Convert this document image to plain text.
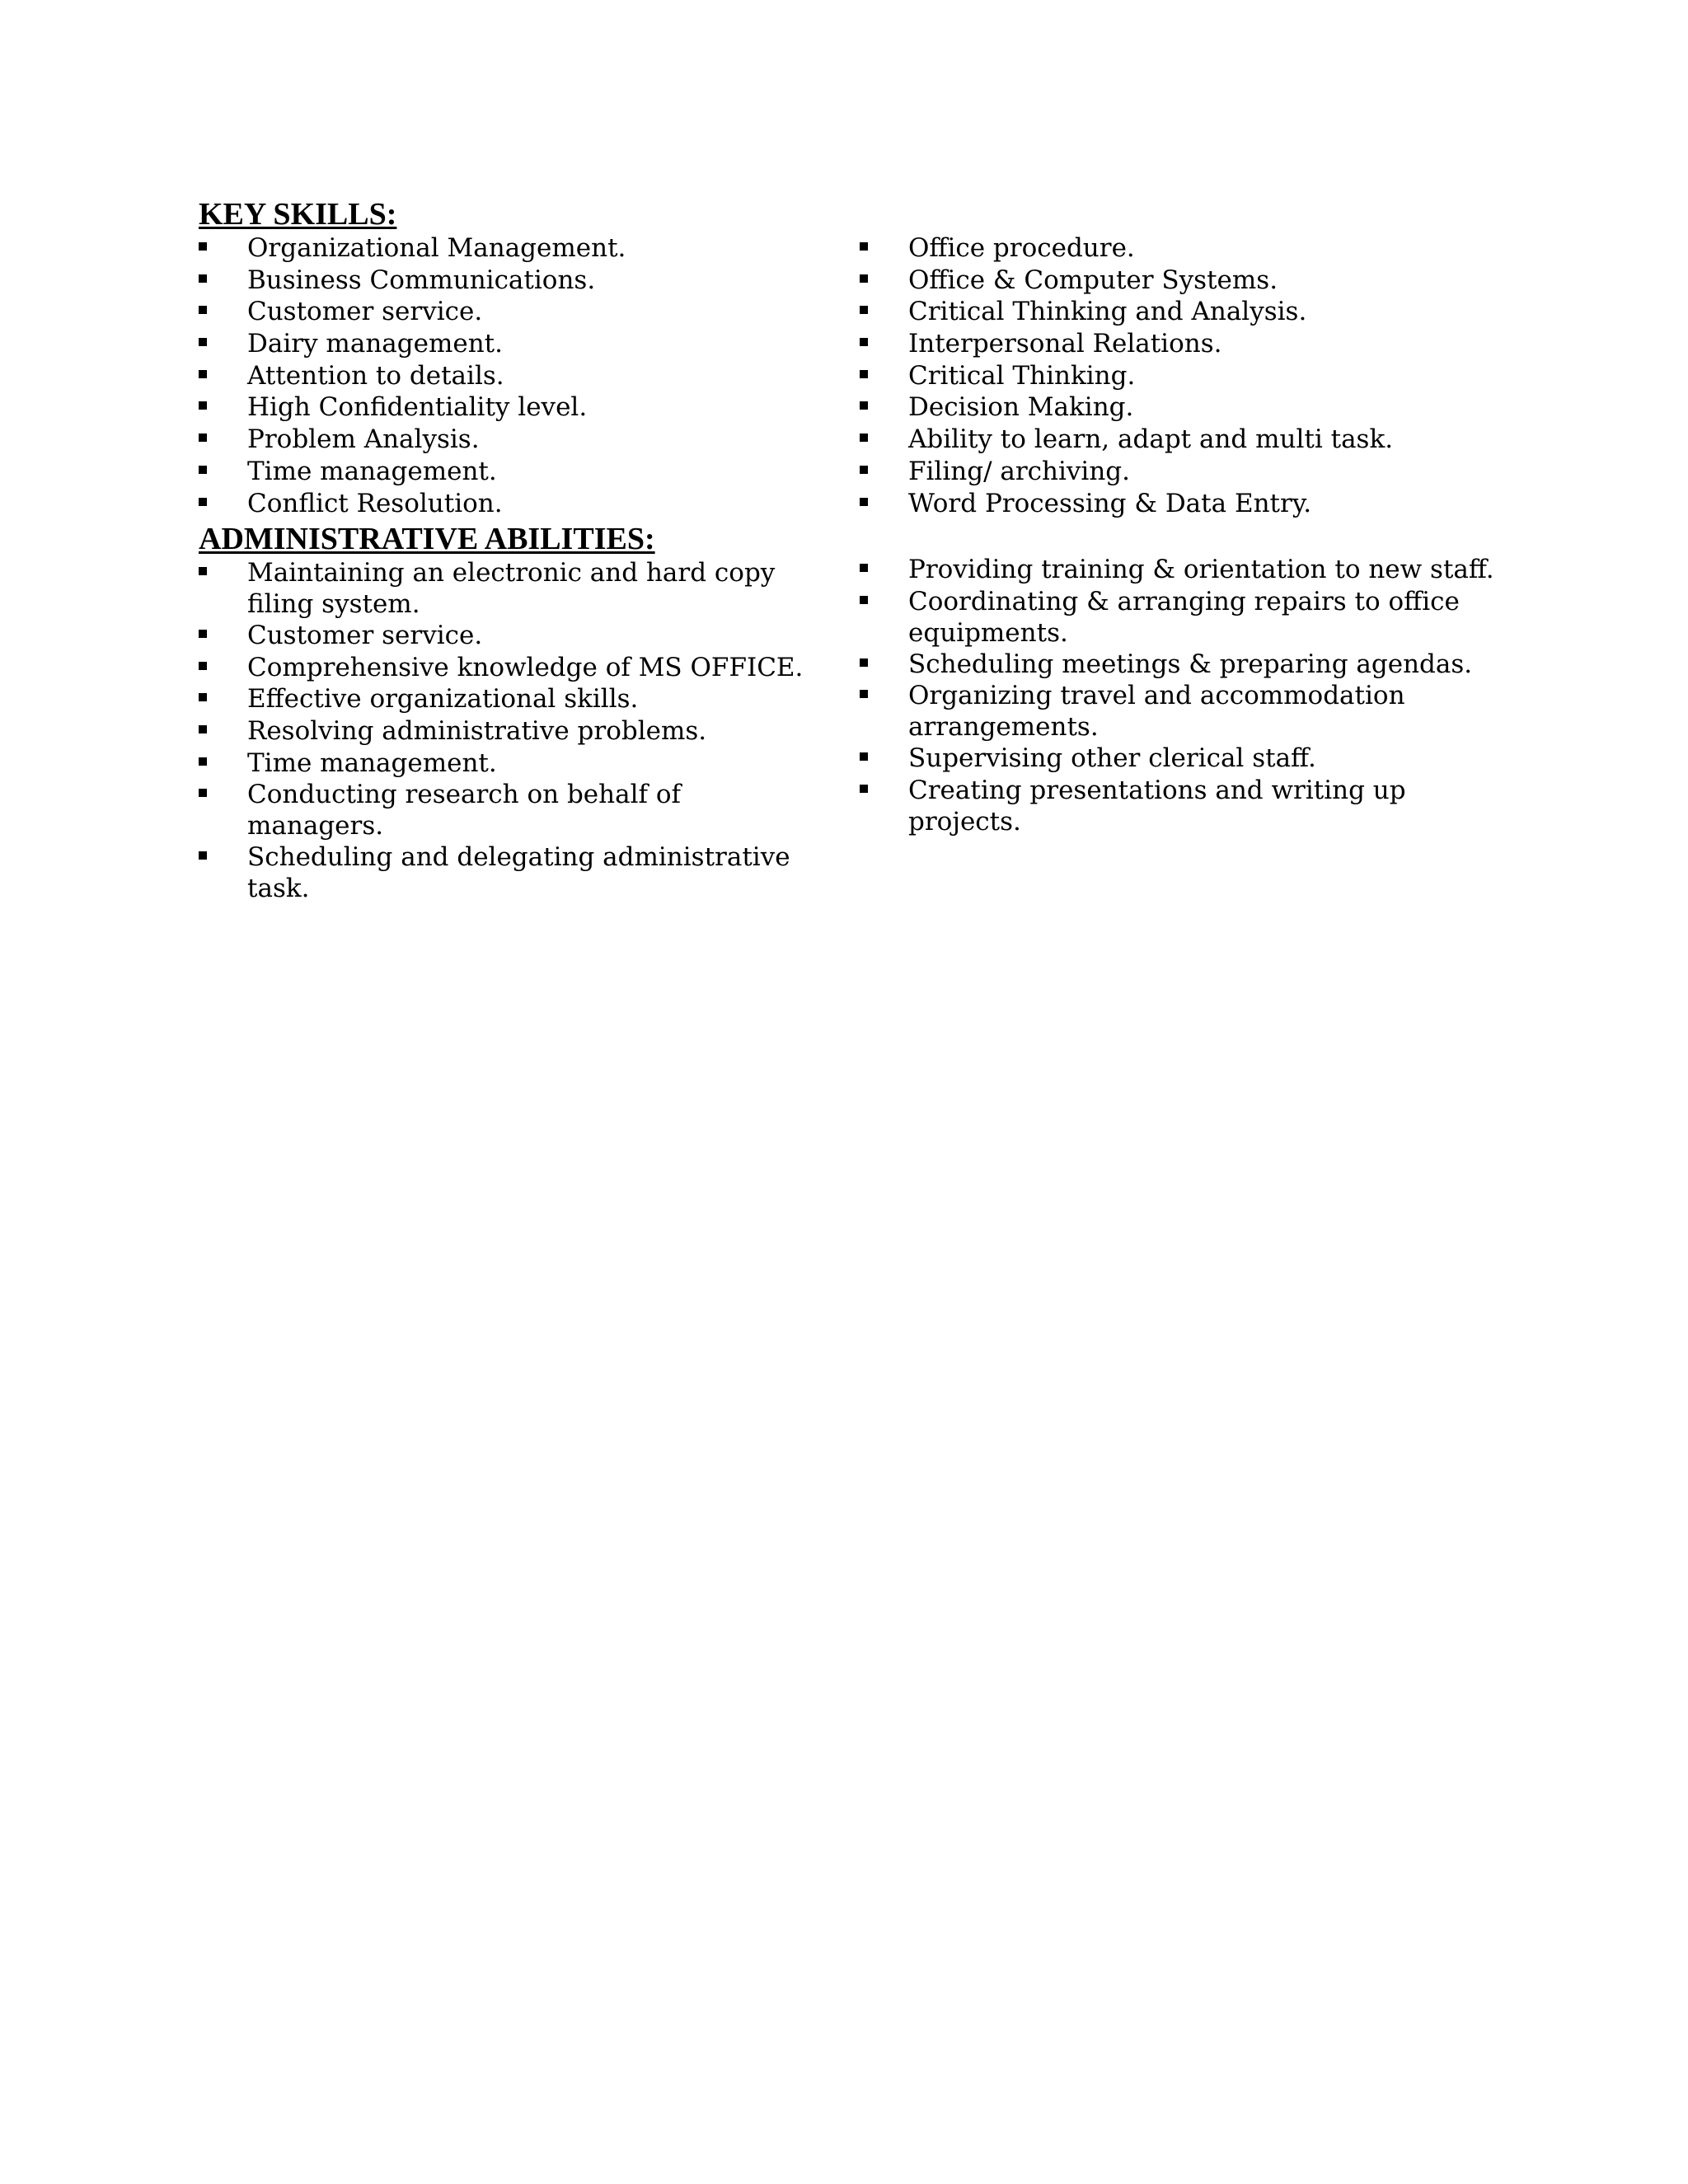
KEY SKILLS:
Organizational Management.
Business Communications.
Customer service.
Dairy management.
Attention to details.
High Confidentiality level.
Problem Analysis.
Time management.
Conflict Resolution.
Office procedure.
Office & Computer Systems.
Critical Thinking and Analysis.
Interpersonal Relations.
Critical Thinking.
Decision Making.
Ability to learn, adapt and multi task.
Filing/ archiving.
Word Processing & Data Entry.
ADMINISTRATIVE ABILITIES:
Maintaining an electronic and hard copy filing system.
Customer service.
Comprehensive knowledge of MS OFFICE.
Effective organizational skills.
Resolving administrative problems.
Time management.
Conducting research on behalf of managers.
Scheduling and delegating administrative task.
Providing training & orientation to new staff.
Coordinating & arranging repairs to office equipments.
Scheduling meetings & preparing agendas.
Organizing travel and accommodation arrangements.
Supervising other clerical staff.
Creating presentations and writing up projects.
